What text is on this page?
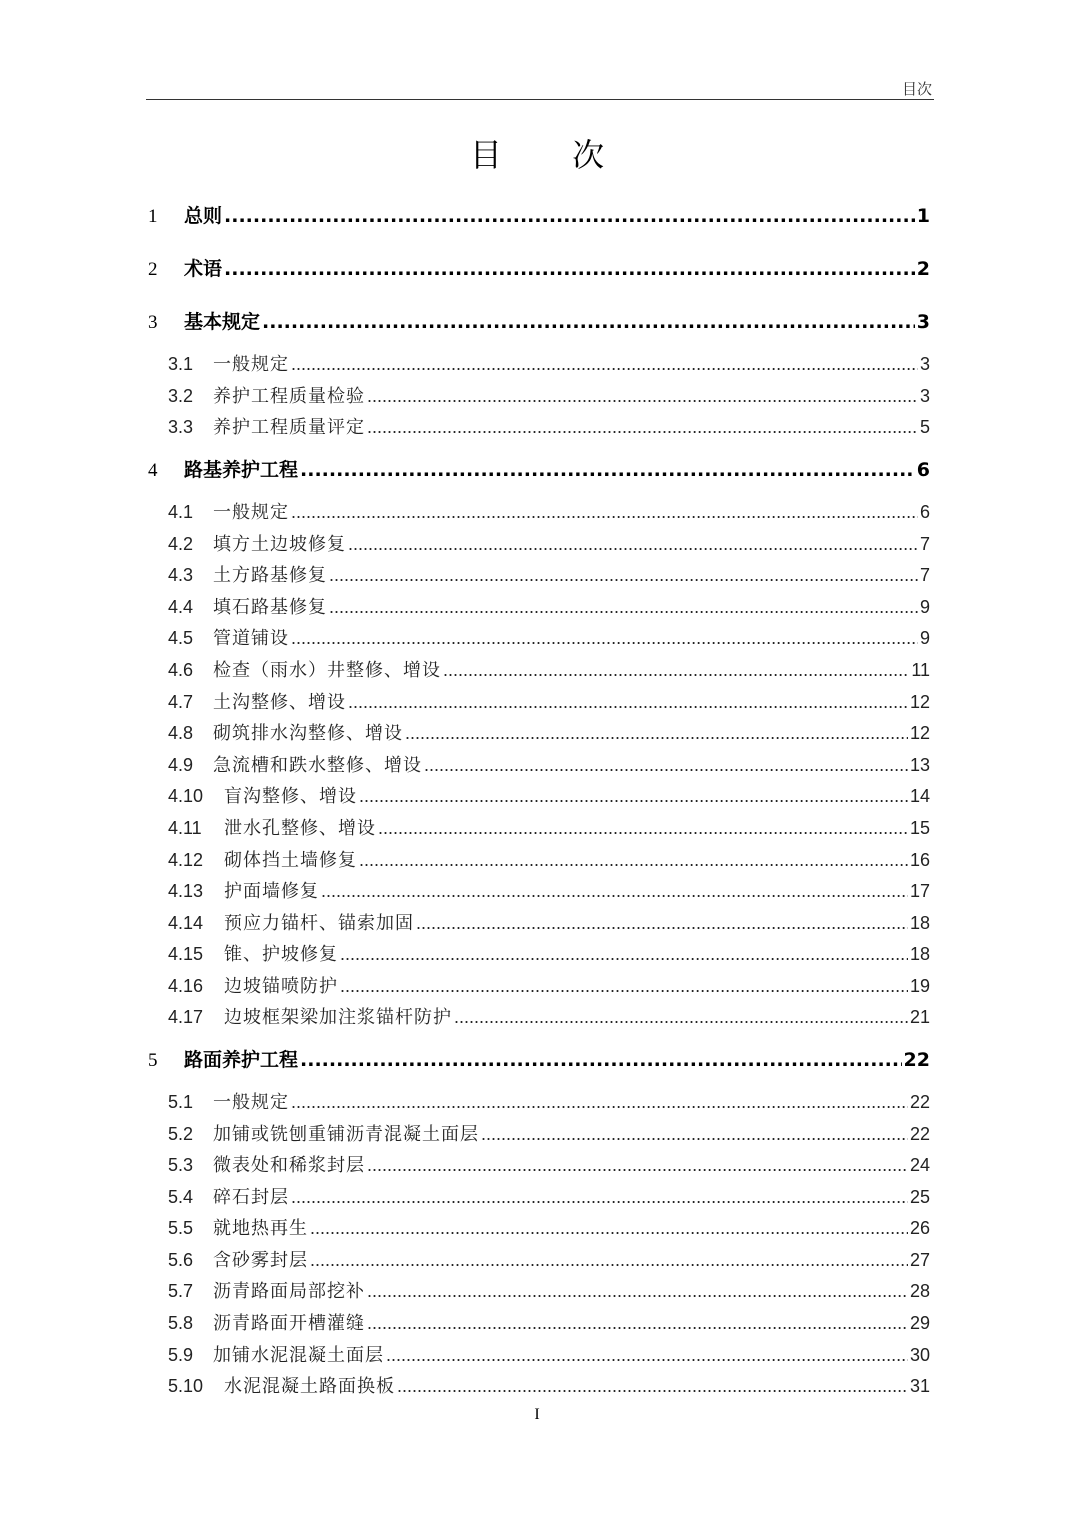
目次
目 次
1	总则 .....	1
2	术语 .....	2
3	基本规定 .....	3
3.1	一般规定 .....	3
3.2	养护工程质量检验 .....	3
3.3	养护工程质量评定 .....	5
4	路基养护工程 .....	6
4.1	一般规定 .....	6
4.2	填方土边坡修复 .....	7
4.3	土方路基修复 .....	7
4.4	填石路基修复 .....	9
4.5	管道铺设 .....	9
4.6	检查（雨水）井整修、增设 .....	11
4.7	土沟整修、增设 .....	12
4.8	砌筑排水沟整修、增设 .....	12
4.9	急流槽和跌水整修、增设 .....	13
4.10	盲沟整修、增设 .....	14
4.11	泄水孔整修、增设 .....	15
4.12	砌体挡土墙修复 .....	16
4.13	护面墙修复 .....	17
4.14	预应力锚杆、锚索加固 .....	18
4.15	锥、护坡修复 .....	18
4.16	边坡锚喷防护 .....	19
4.17	边坡框架梁加注浆锚杆防护 .....	21
5	路面养护工程 .....	22
5.1	一般规定 .....	22
5.2	加铺或铣刨重铺沥青混凝土面层 .....	22
5.3	微表处和稀浆封层 .....	24
5.4	碎石封层 .....	25
5.5	就地热再生 .....	26
5.6	含砂雾封层 .....	27
5.7	沥青路面局部挖补 .....	28
5.8	沥青路面开槽灌缝 .....	29
5.9	加铺水泥混凝土面层 .....	30
5.10	水泥混凝土路面换板 .....	31
I
